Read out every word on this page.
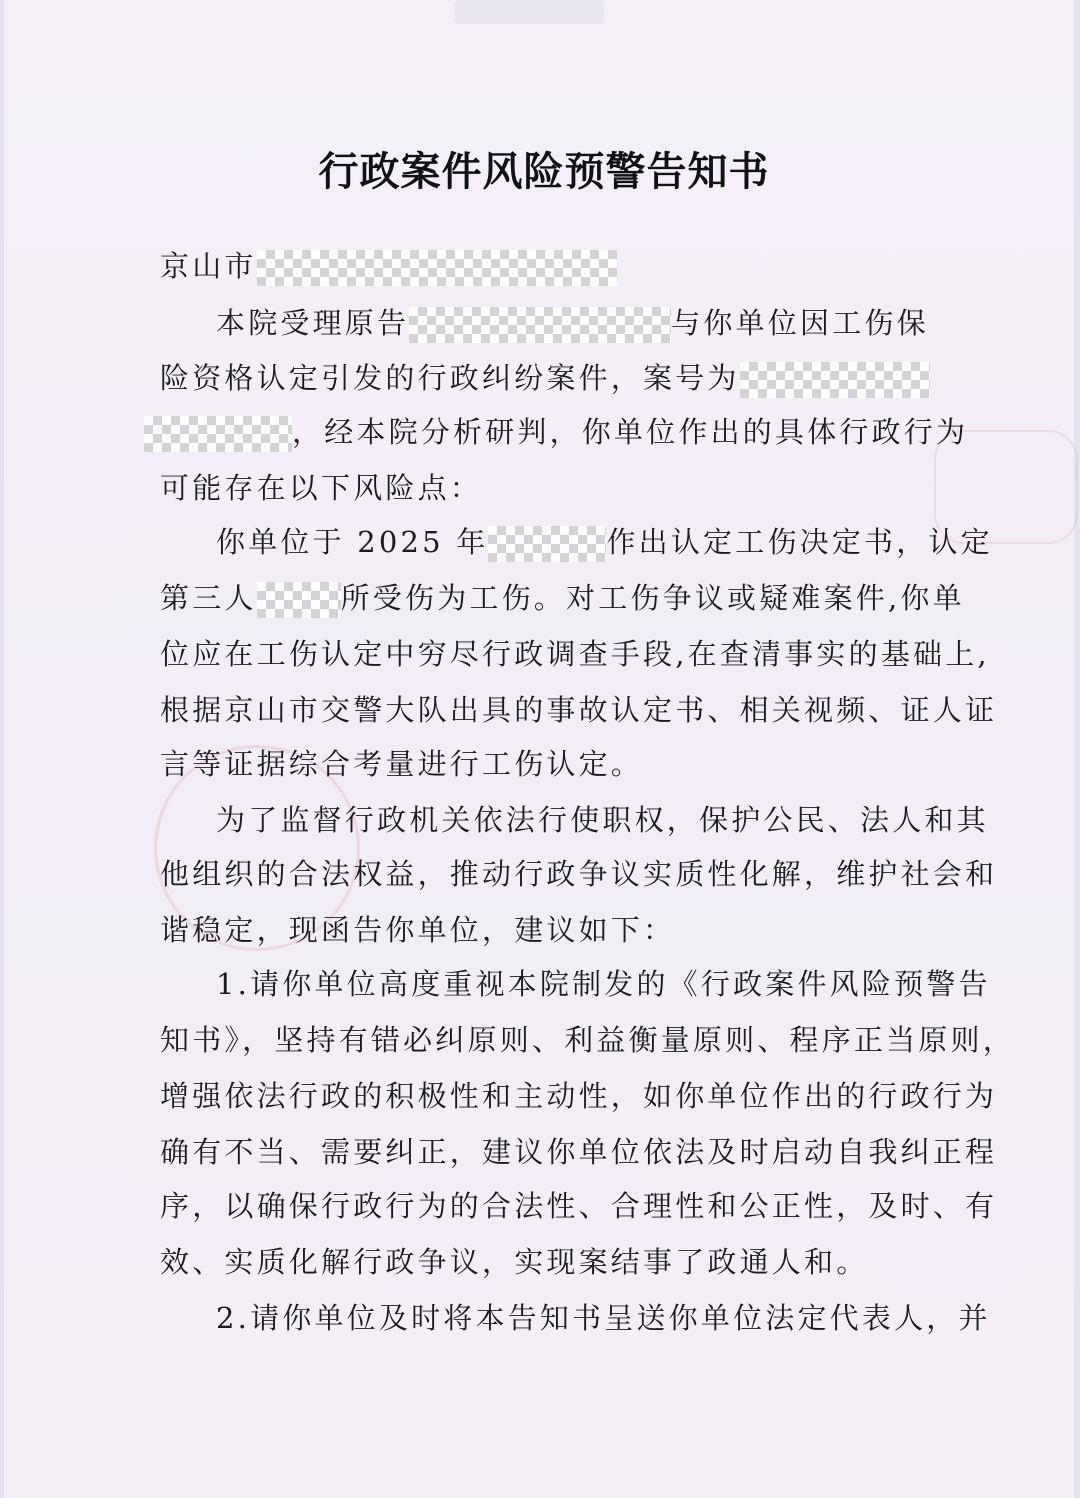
行政案件风险预警告知书
京山市
本院受理原告	与你单位因工伤保
险资格认定引发的行政纠纷案件，案号为
，经本院分析研判，你单位作出的具体行政行为
可能存在以下风险点：
你单位于 2025 年	作出认定工伤决定书，认定
第三人	所受伤为工伤。对工伤争议或疑难案件,你单
位应在工伤认定中穷尽行政调查手段,在查清事实的基础上,
根据京山市交警大队出具的事故认定书、相关视频、证人证
言等证据综合考量进行工伤认定。
为了监督行政机关依法行使职权，保护公民、法人和其
他组织的合法权益，推动行政争议实质性化解，维护社会和
谐稳定，现函告你单位，建议如下：
1.请你单位高度重视本院制发的《行政案件风险预警告
知书》，坚持有错必纠原则、利益衡量原则、程序正当原则，
增强依法行政的积极性和主动性，如你单位作出的行政行为
确有不当、需要纠正，建议你单位依法及时启动自我纠正程
序，以确保行政行为的合法性、合理性和公正性，及时、有
效、实质化解行政争议，实现案结事了政通人和。
2.请你单位及时将本告知书呈送你单位法定代表人，并
